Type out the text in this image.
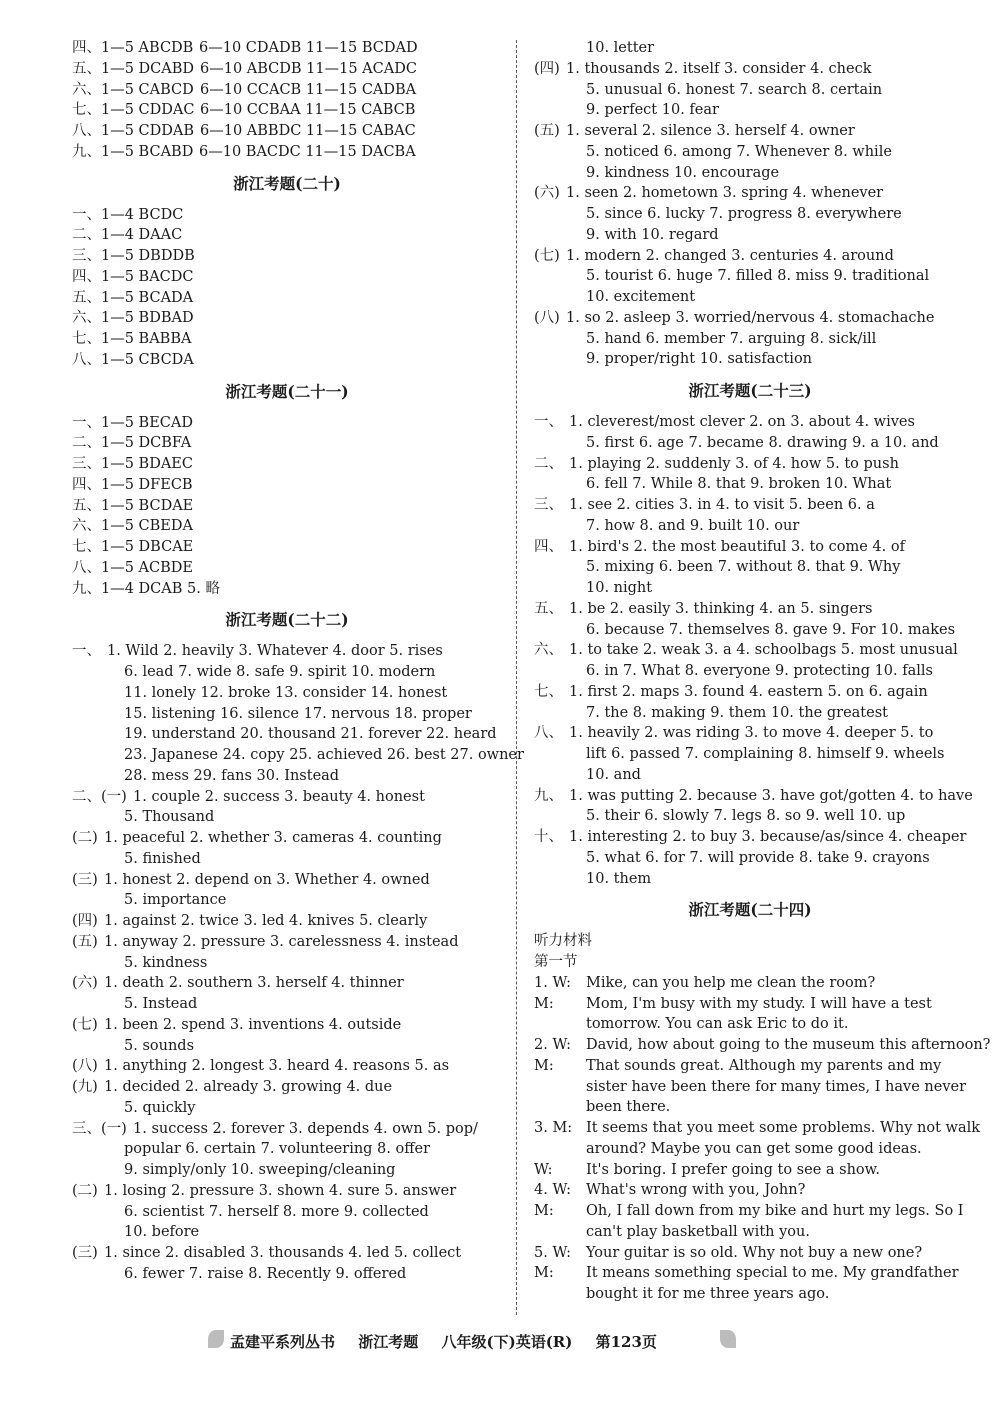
四、1—5 ABCDB 6—10 CDADB 11—15 BCDAD
五、1—5 DCABD 6—10 ABCDB 11—15 ACADC
六、1—5 CABCD 6—10 CCACB 11—15 CADBA
七、1—5 CDDAC 6—10 CCBAA 11—15 CABCB
八、1—5 CDDAB 6—10 ABBDC 11—15 CABAC
九、1—5 BCABD 6—10 BACDC 11—15 DACBA
浙江考题(二十)
一、1—4 BCDC
二、1—4 DAAC
三、1—5 DBDDB
四、1—5 BACDC
五、1—5 BCADA
六、1—5 BDBAD
七、1—5 BABBA
八、1—5 CBCDA
浙江考题(二十一)
一、1—5 BECAD
二、1—5 DCBFA
三、1—5 BDAEC
四、1—5 DFECB
五、1—5 BCDAE
六、1—5 CBEDA
七、1—5 DBCAE
八、1—5 ACBDE
九、1—4 DCAB 5. 略
浙江考题(二十二)
一、 1. Wild 2. heavily 3. Whatever 4. door 5. rises
6. lead 7. wide 8. safe 9. spirit 10. modern
11. lonely 12. broke 13. consider 14. honest
15. listening 16. silence 17. nervous 18. proper
19. understand 20. thousand 21. forever 22. heard
23. Japanese 24. copy 25. achieved 26. best 27. owner
28. mess 29. fans 30. Instead
二、(一) 1. couple 2. success 3. beauty 4. honest
5. Thousand
(二) 1. peaceful 2. whether 3. cameras 4. counting
5. finished
(三) 1. honest 2. depend on 3. Whether 4. owned
5. importance
(四) 1. against 2. twice 3. led 4. knives 5. clearly
(五) 1. anyway 2. pressure 3. carelessness 4. instead
5. kindness
(六) 1. death 2. southern 3. herself 4. thinner
5. Instead
(七) 1. been 2. spend 3. inventions 4. outside
5. sounds
(八) 1. anything 2. longest 3. heard 4. reasons 5. as
(九) 1. decided 2. already 3. growing 4. due
5. quickly
三、(一) 1. success 2. forever 3. depends 4. own 5. pop/
popular 6. certain 7. volunteering 8. offer
9. simply/only 10. sweeping/cleaning
(二) 1. losing 2. pressure 3. shown 4. sure 5. answer
6. scientist 7. herself 8. more 9. collected
10. before
(三) 1. since 2. disabled 3. thousands 4. led 5. collect
6. fewer 7. raise 8. Recently 9. offered
10. letter
(四) 1. thousands 2. itself 3. consider 4. check
5. unusual 6. honest 7. search 8. certain
9. perfect 10. fear
(五) 1. several 2. silence 3. herself 4. owner
5. noticed 6. among 7. Whenever 8. while
9. kindness 10. encourage
(六) 1. seen 2. hometown 3. spring 4. whenever
5. since 6. lucky 7. progress 8. everywhere
9. with 10. regard
(七) 1. modern 2. changed 3. centuries 4. around
5. tourist 6. huge 7. filled 8. miss 9. traditional
10. excitement
(八) 1. so 2. asleep 3. worried/nervous 4. stomachache
5. hand 6. member 7. arguing 8. sick/ill
9. proper/right 10. satisfaction
浙江考题(二十三)
一、 1. cleverest/most clever 2. on 3. about 4. wives
5. first 6. age 7. became 8. drawing 9. a 10. and
二、 1. playing 2. suddenly 3. of 4. how 5. to push
6. fell 7. While 8. that 9. broken 10. What
三、 1. see 2. cities 3. in 4. to visit 5. been 6. a
7. how 8. and 9. built 10. our
四、 1. bird's 2. the most beautiful 3. to come 4. of
5. mixing 6. been 7. without 8. that 9. Why
10. night
五、 1. be 2. easily 3. thinking 4. an 5. singers
6. because 7. themselves 8. gave 9. For 10. makes
六、 1. to take 2. weak 3. a 4. schoolbags 5. most unusual
6. in 7. What 8. everyone 9. protecting 10. falls
七、 1. first 2. maps 3. found 4. eastern 5. on 6. again
7. the 8. making 9. them 10. the greatest
八、 1. heavily 2. was riding 3. to move 4. deeper 5. to
lift 6. passed 7. complaining 8. himself 9. wheels
10. and
九、 1. was putting 2. because 3. have got/gotten 4. to have
5. their 6. slowly 7. legs 8. so 9. well 10. up
十、 1. interesting 2. to buy 3. because/as/since 4. cheaper
5. what 6. for 7. will provide 8. take 9. crayons
10. them
浙江考题(二十四)
听力材料
第一节
1. W: Mike, can you help me clean the room?
M: Mom, I'm busy with my study. I will have a test
tomorrow. You can ask Eric to do it.
2. W: David, how about going to the museum this afternoon?
M: That sounds great. Although my parents and my
sister have been there for many times, I have never
been there.
3. M: It seems that you meet some problems. Why not walk
around? Maybe you can get some good ideas.
W: It's boring. I prefer going to see a show.
4. W: What's wrong with you, John?
M: Oh, I fall down from my bike and hurt my legs. So I
can't play basketball with you.
5. W: Your guitar is so old. Why not buy a new one?
M: It means something special to me. My grandfather
bought it for me three years ago.
孟建平系列丛书 浙江考题 八年级(下)英语(R) 第123页
